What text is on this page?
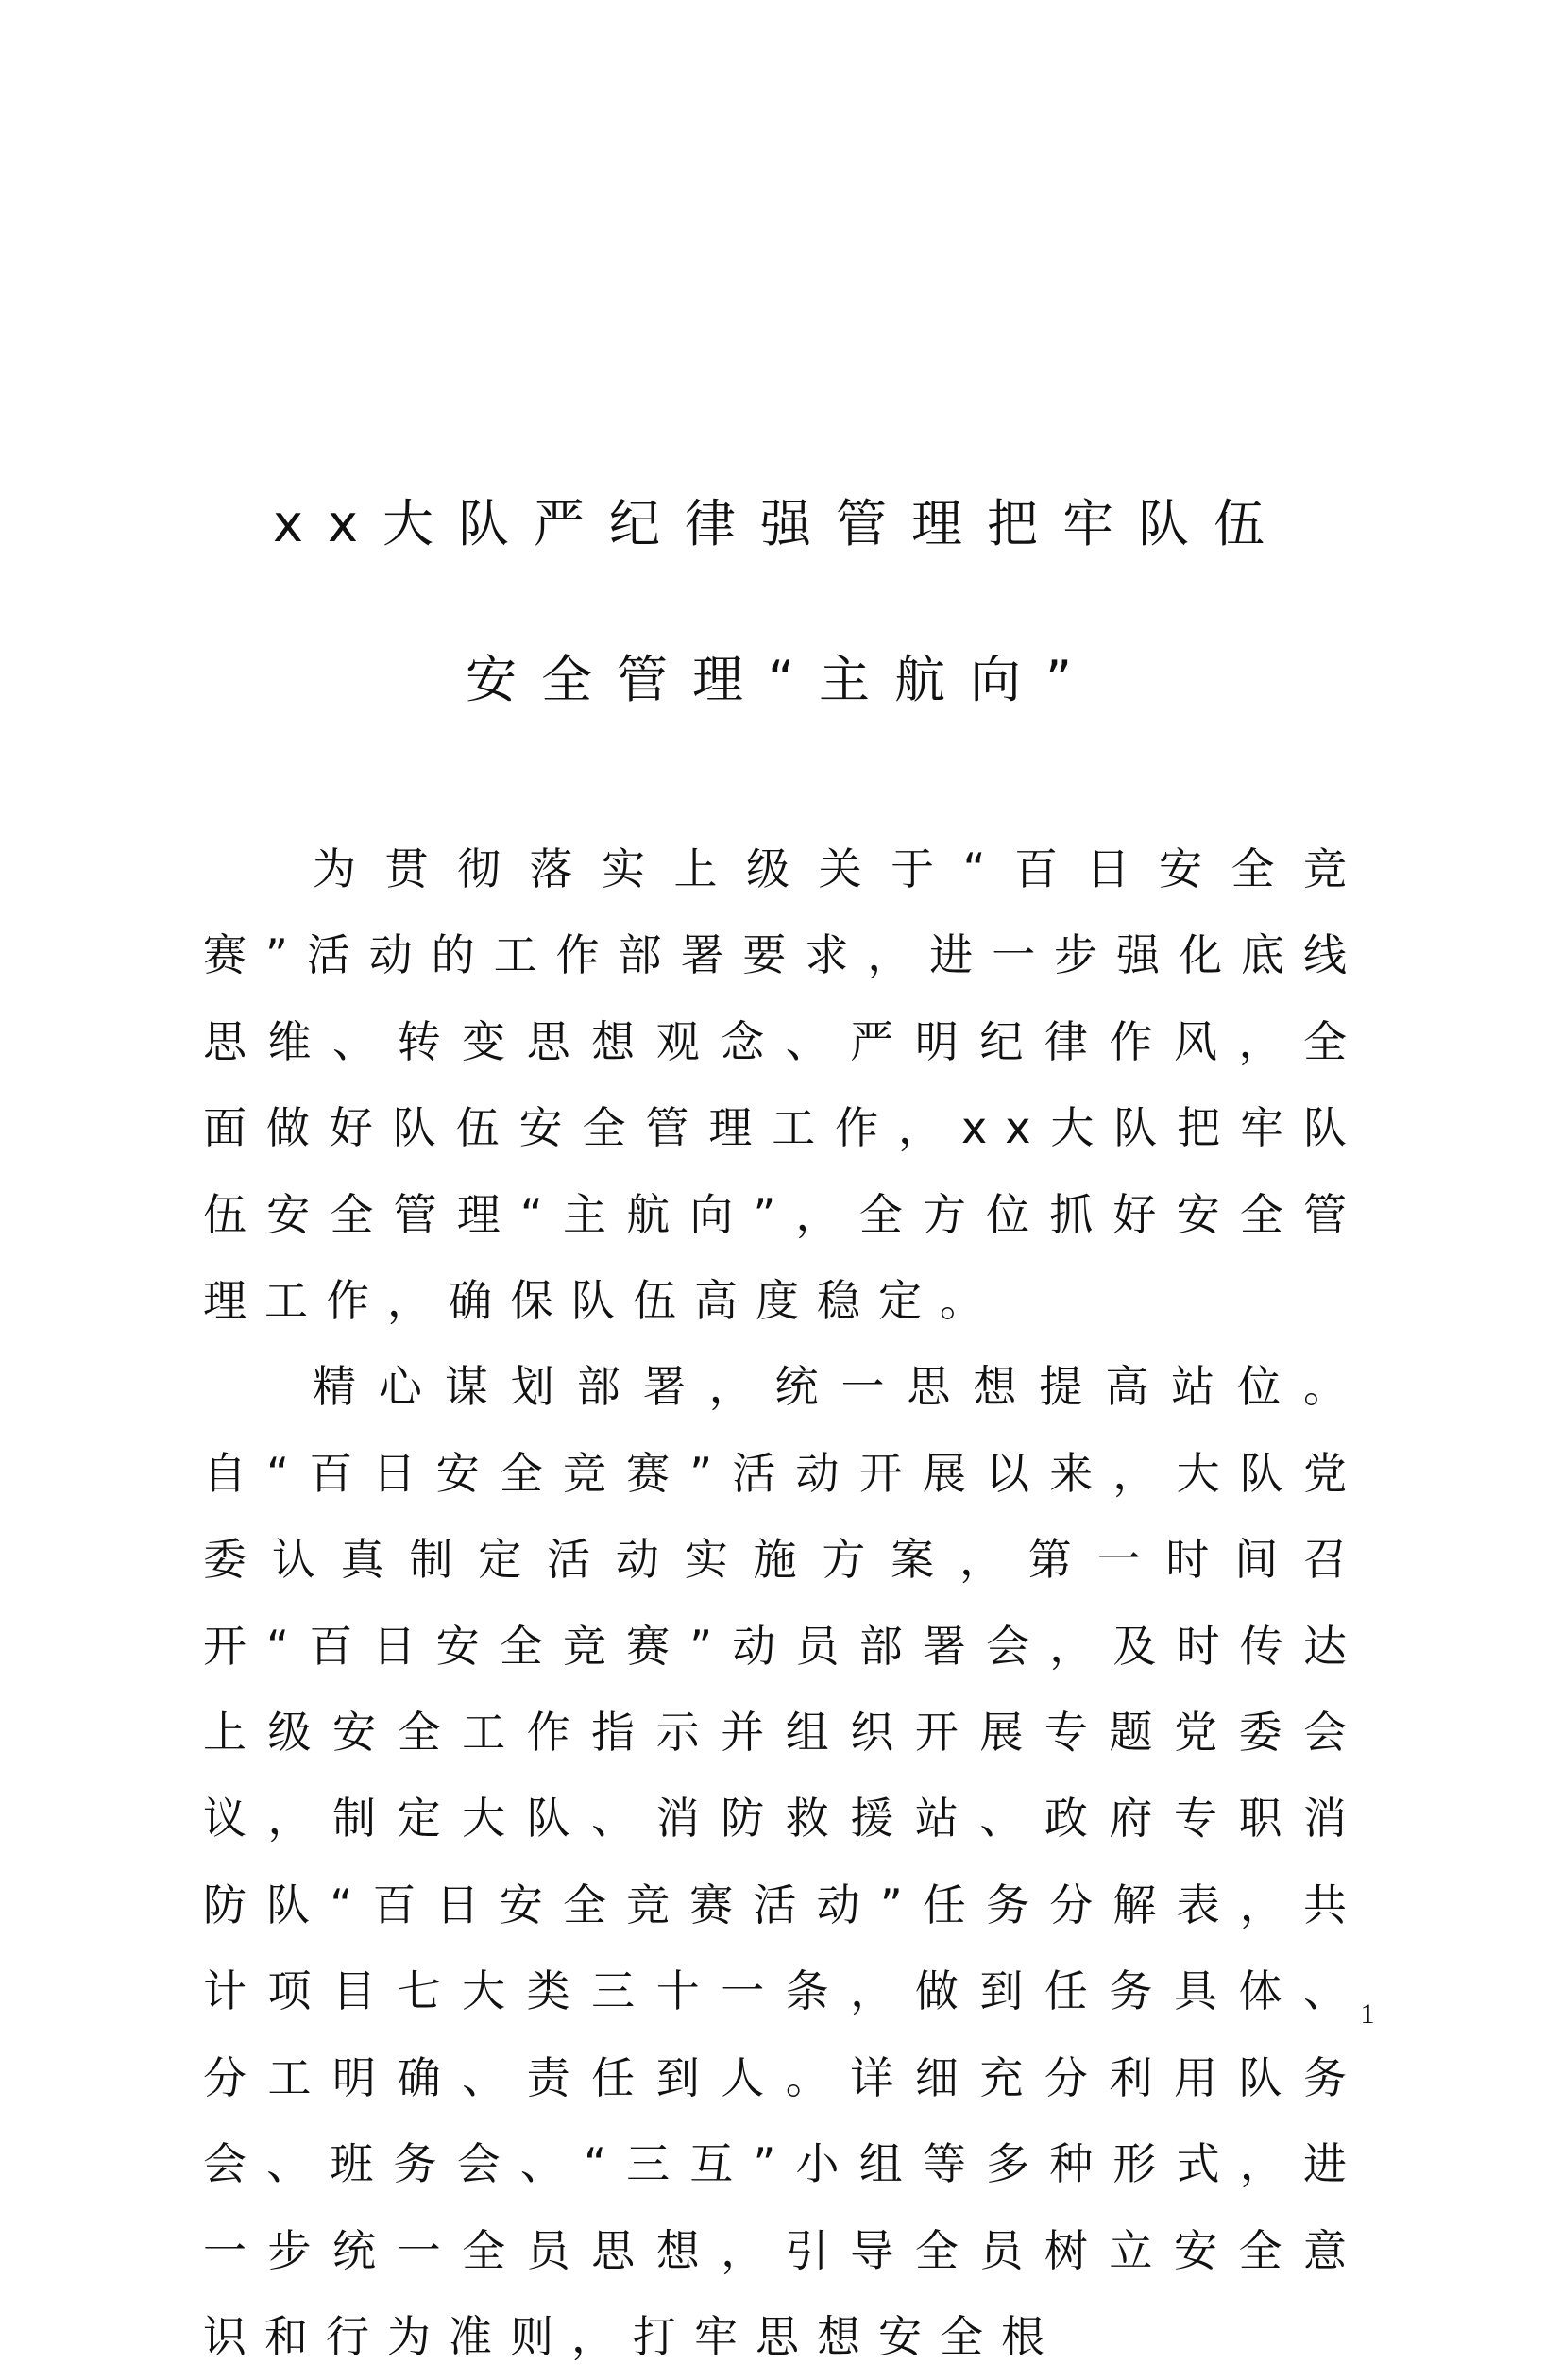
xx大队严纪律强管理把牢队伍
安全管理“主航向”

为贯彻落实上级关于“百日安全竞赛”活动的工作部署要求，进一步强化底线思维、转变思想观念、严明纪律作风，全面做好队伍安全管理工作，xx大队把牢队伍安全管理“主航向”，全方位抓好安全管理工作，确保队伍高度稳定。

精心谋划部署，统一思想提高站位。自“百日安全竞赛”活动开展以来，大队党委认真制定活动实施方案，第一时间召开“百日安全竞赛”动员部署会，及时传达上级安全工作指示并组织开展专题党委会议，制定大队、消防救援站、政府专职消防队“百日安全竞赛活动”任务分解表，共计项目七大类三十一条，做到任务具体、分工明确、责任到人。详细充分利用队务会、班务会、“三互”小组等多种形式，进一步统一全员思想，引导全员树立安全意识和行为准则，打牢思想安全根

1
